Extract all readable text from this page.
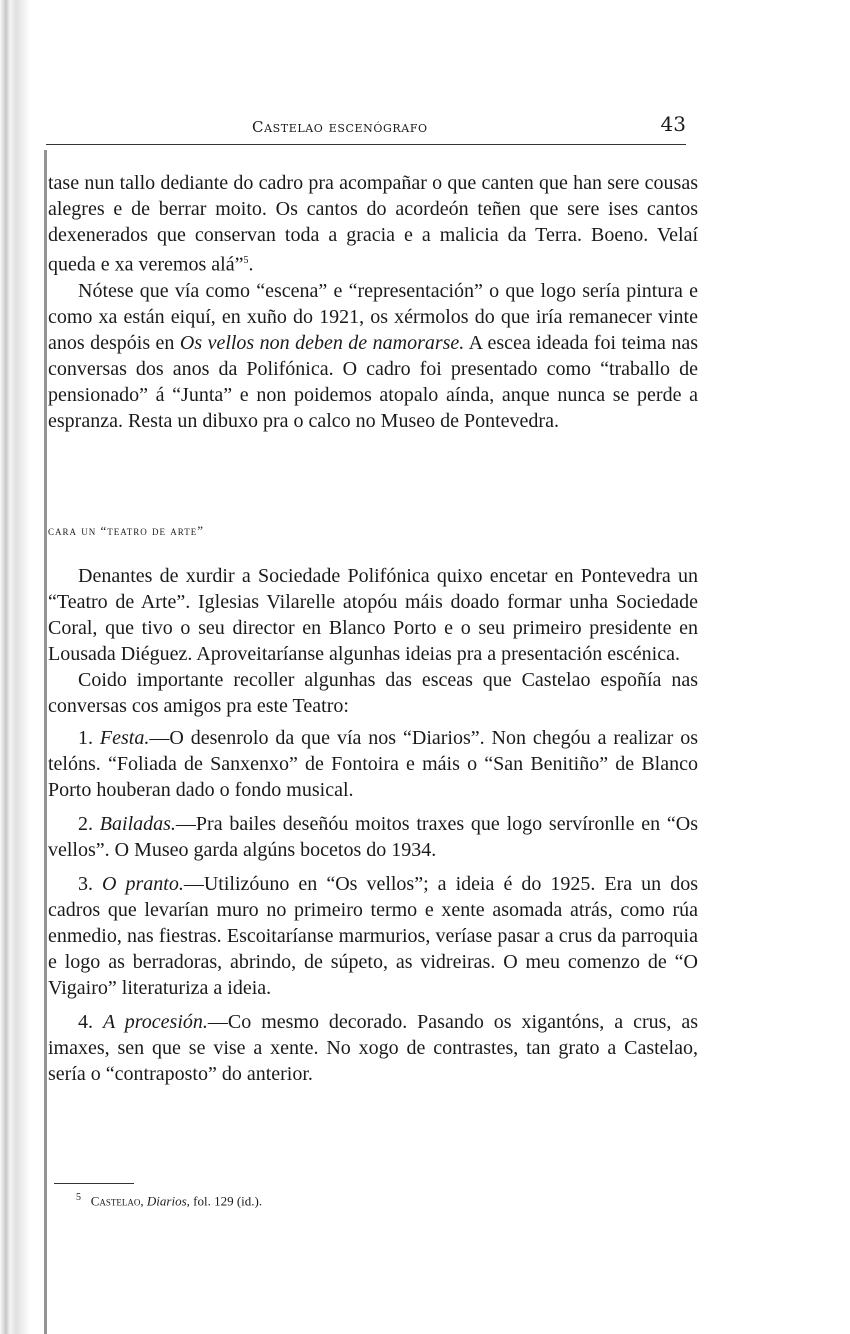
Castelao escenógrafo	43

tase nun tallo dediante do cadro pra acompañar o que canten que han sere cousas alegres e de berrar moito. Os cantos do acordeón teñen que sere ises cantos dexenerados que conservan toda a gracia e a malicia da Terra. Boeno. Velaí queda e xa veremos alá”$^5$.

Nótese que vía como “escena” e “representación” o que logo sería pintura e como xa están eiquí, en xuño do 1921, os xérmolos do que iría remanecer vinte anos despóis en Os vellos non deben de namorarse. A escea ideada foi teima nas conversas dos anos da Polifónica. O cadro foi presentado como “traballo de pensionado” á “Junta” e non poidemos atopalo aínda, anque nunca se perde a espranza. Resta un dibuxo pra o calco no Museo de Pontevedra.

cara un “teatro de arte”

Denantes de xurdir a Sociedade Polifónica quixo encetar en Pontevedra un “Teatro de Arte”. Iglesias Vilarelle atopóu máis doado formar unha Sociedade Coral, que tivo o seu director en Blanco Porto e o seu primeiro presidente en Lousada Diéguez. Aproveitaríanse algunhas ideias pra a presentación escénica.

Coido importante recoller algunhas das esceas que Castelao espoñía nas conversas cos amigos pra este Teatro:

1. Festa.—O desenrolo da que vía nos “Diarios”. Non chegóu a realizar os telóns. “Foliada de Sanxenxo” de Fontoira e máis o “San Benitiño” de Blanco Porto houberan dado o fondo musical.

2. Bailadas.—Pra bailes deseñóu moitos traxes que logo servíronlle en “Os vellos”. O Museo garda algúns bocetos do 1934.

3. O pranto.—Utilizóuno en “Os vellos”; a ideia é do 1925. Era un dos cadros que levarían muro no primeiro termo e xente asomada atrás, como rúa enmedio, nas fiestras. Escoitaríanse marmurios, veríase pasar a crus da parroquia e logo as berradoras, abrindo, de súpeto, as vidreiras. O meu comenzo de “O Vigairo” literaturiza a ideia.

4. A procesión.—Co mesmo decorado. Pasando os xigantóns, a crus, as imaxes, sen que se vise a xente. No xogo de contrastes, tan grato a Castelao, sería o “contraposto” do anterior.

$^5$ Castelao, Diarios, fol. 129 (id.).
